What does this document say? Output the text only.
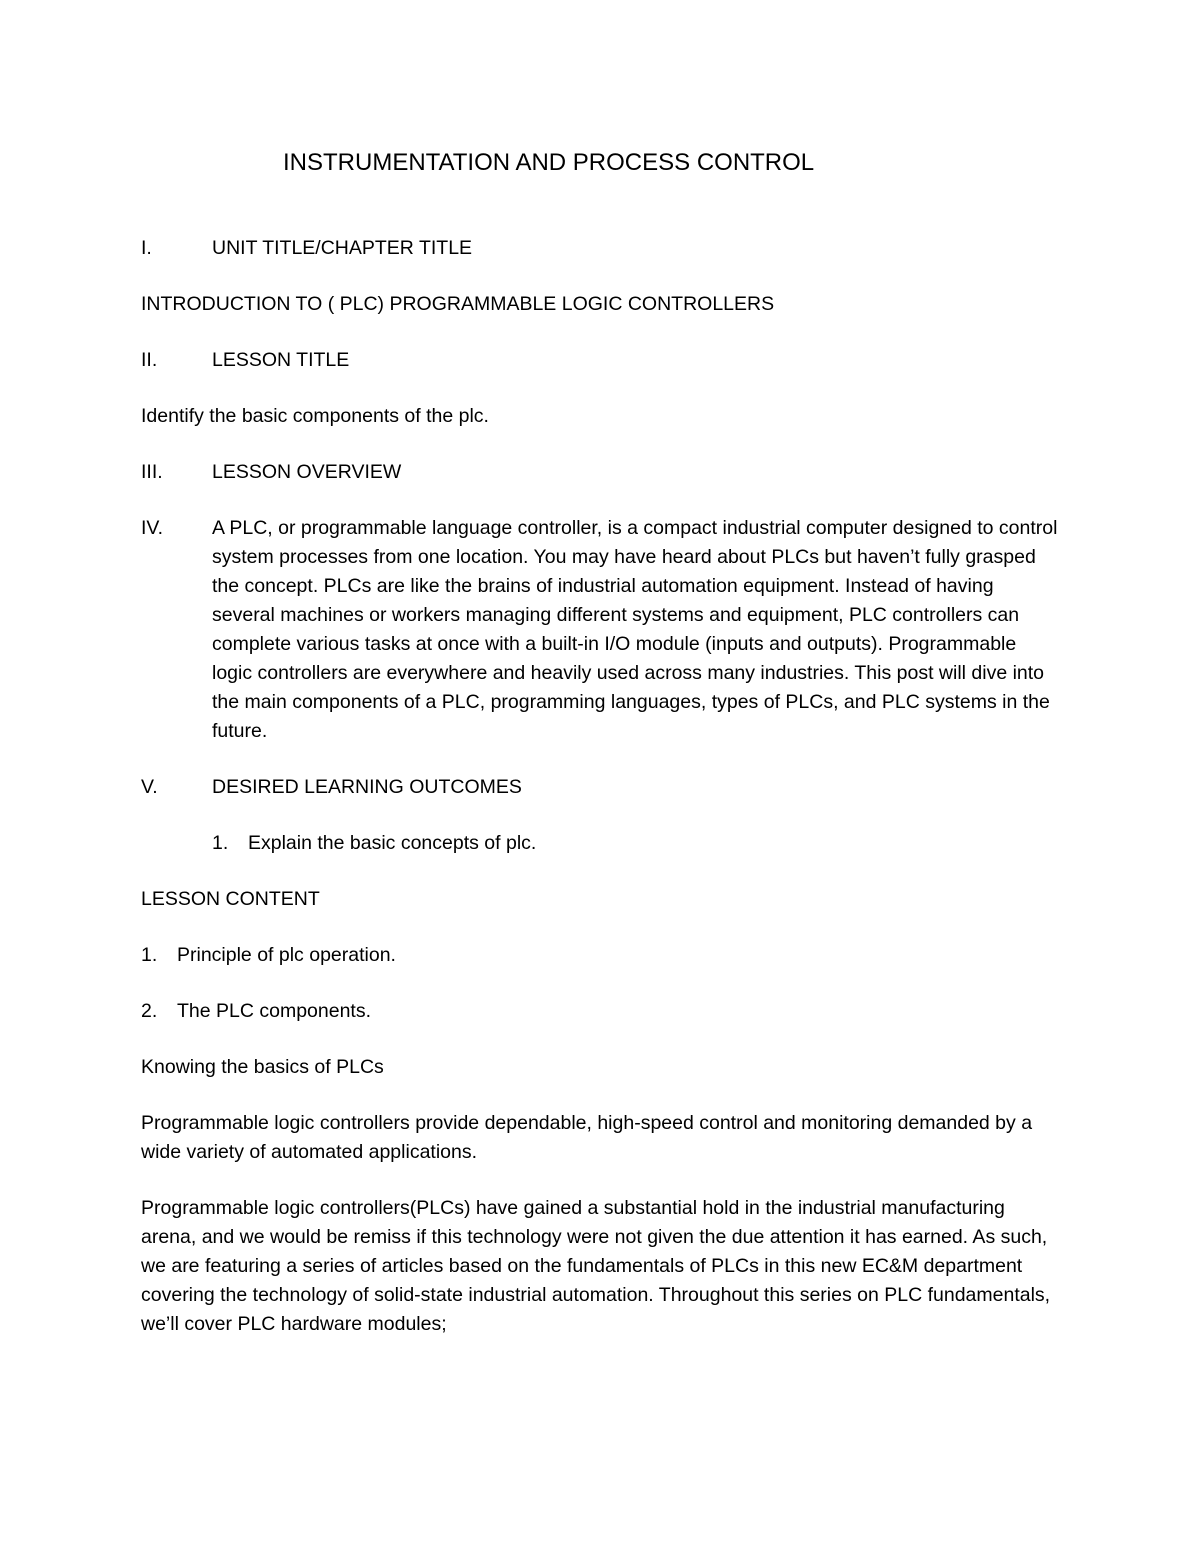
INSTRUMENTATION AND PROCESS CONTROL
I.	UNIT TITLE/CHAPTER TITLE
INTRODUCTION TO ( PLC) PROGRAMMABLE LOGIC CONTROLLERS
II.	LESSON TITLE
Identify the basic components of the plc.
III.	LESSON OVERVIEW
IV.	A PLC, or programmable language controller, is a compact industrial computer designed to control system processes from one location. You may have heard about PLCs but haven’t fully grasped the concept. PLCs are like the brains of industrial automation equipment. Instead of having several machines or workers managing different systems and equipment, PLC controllers can complete various tasks at once with a built-in I/O module (inputs and outputs). Programmable logic controllers are everywhere and heavily used across many industries. This post will dive into the main components of a PLC, programming languages, types of PLCs, and PLC systems in the future.
V.	DESIRED LEARNING OUTCOMES
1.	Explain the basic concepts of plc.
LESSON CONTENT
1.	Principle of plc operation.
2.	The PLC components.
Knowing the basics of PLCs
Programmable logic controllers provide dependable, high-speed control and monitoring demanded by a wide variety of automated applications.
Programmable logic controllers(PLCs) have gained a substantial hold in the industrial manufacturing arena, and we would be remiss if this technology were not given the due attention it has earned. As such, we are featuring a series of articles based on the fundamentals of PLCs in this new EC&M department covering the technology of solid-state industrial automation. Throughout this series on PLC fundamentals, we’ll cover PLC hardware modules;
